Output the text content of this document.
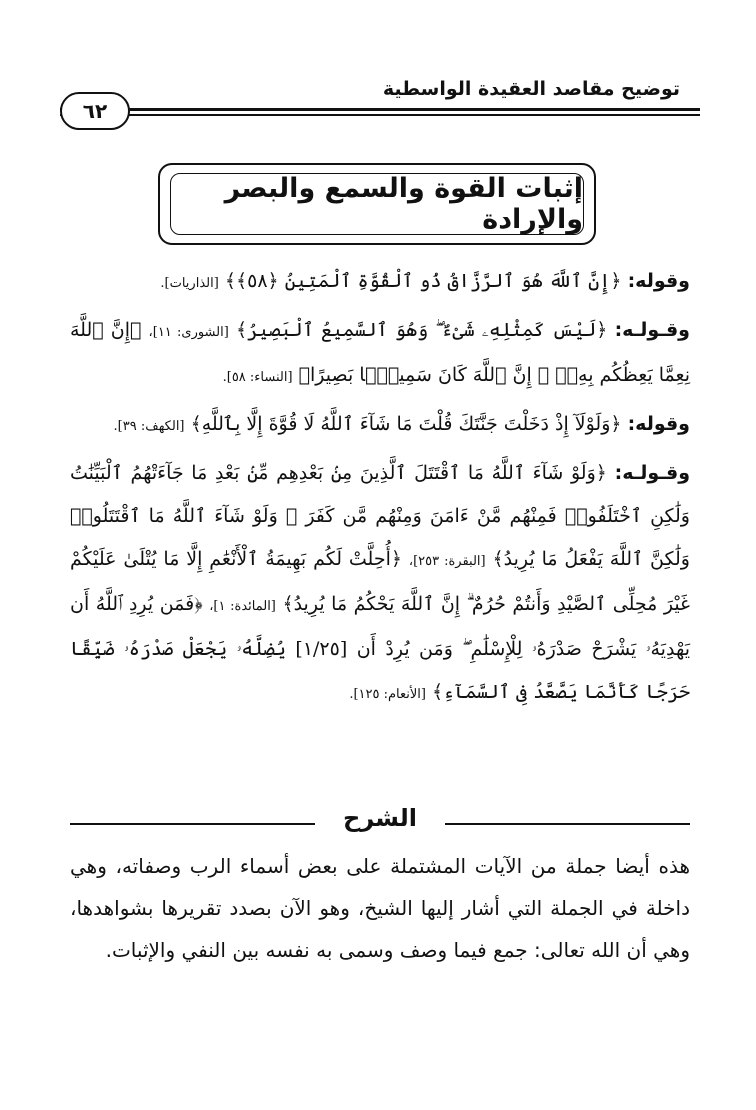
توضيح مقاصد العقيدة الواسطية
٦٢
إثبات القوة والسمع والبصر والإرادة

وقوله: ﴿إِنَّ ٱللَّهَ هُوَ ٱلرَّزَّاقُ ذُو ٱلْقُوَّةِ ٱلْمَتِينُ ﴿٥٨﴾﴾ [الذاريات].

وقـولـه: ﴿لَيْسَ كَمِثْلِهِۦ شَىْءٌ ۖ وَهُوَ ٱلسَّمِيعُ ٱلْبَصِيرُ﴾ [الشورى: ١١]، ﴿إِنَّ ٱللَّهَ نِعِمَّا يَعِظُكُم بِهِۦٓ ۗ إِنَّ ٱللَّهَ كَانَ سَمِيعًۢا بَصِيرًا﴾ [النساء: ٥٨].

وقوله: ﴿وَلَوْلَآ إِذْ دَخَلْتَ جَنَّتَكَ قُلْتَ مَا شَآءَ ٱللَّهُ لَا قُوَّةَ إِلَّا بِٱللَّهِ﴾ [الكهف: ٣٩].

وقـولـه: ﴿وَلَوْ شَآءَ ٱللَّهُ مَا ٱقْتَتَلَ ٱلَّذِينَ مِنۢ بَعْدِهِم مِّنۢ بَعْدِ مَا جَآءَتْهُمُ ٱلْبَيِّنَٰتُ وَلَٰكِنِ ٱخْتَلَفُوا۟ فَمِنْهُم مَّنْ ءَامَنَ وَمِنْهُم مَّن كَفَرَ ۚ وَلَوْ شَآءَ ٱللَّهُ مَا ٱقْتَتَلُوا۟ وَلَٰكِنَّ ٱللَّهَ يَفْعَلُ مَا يُرِيدُ﴾ [البقرة: ٢٥٣]، ﴿أُحِلَّتْ لَكُم بَهِيمَةُ ٱلْأَنْعَٰمِ إِلَّا مَا يُتْلَىٰ عَلَيْكُمْ غَيْرَ مُحِلِّى ٱلصَّيْدِ وَأَنتُمْ حُرُمٌ ۗ إِنَّ ٱللَّهَ يَحْكُمُ مَا يُرِيدُ﴾ [المائدة: ١]، ﴿فَمَن يُرِدِ ٱللَّهُ أَن يَهْدِيَهُۥ يَشْرَحْ صَدْرَهُۥ لِلْإِسْلَٰمِ ۖ وَمَن يُرِدْ أَن [١/٢٥] يُضِلَّهُۥ يَجْعَلْ صَدْرَهُۥ ضَيِّقًا حَرَجًا كَأَنَّمَا يَصَّعَّدُ فِى ٱلسَّمَآءِ﴾ [الأنعام: ١٢٥].

الشرح

هذه أيضا جملة من الآيات المشتملة على بعض أسماء الرب وصفاته، وهي داخلة في الجملة التي أشار إليها الشيخ، وهو الآن بصدد تقريرها بشواهدها، وهي أن الله تعالى: جمع فيما وصف وسمى به نفسه بين النفي والإثبات.
